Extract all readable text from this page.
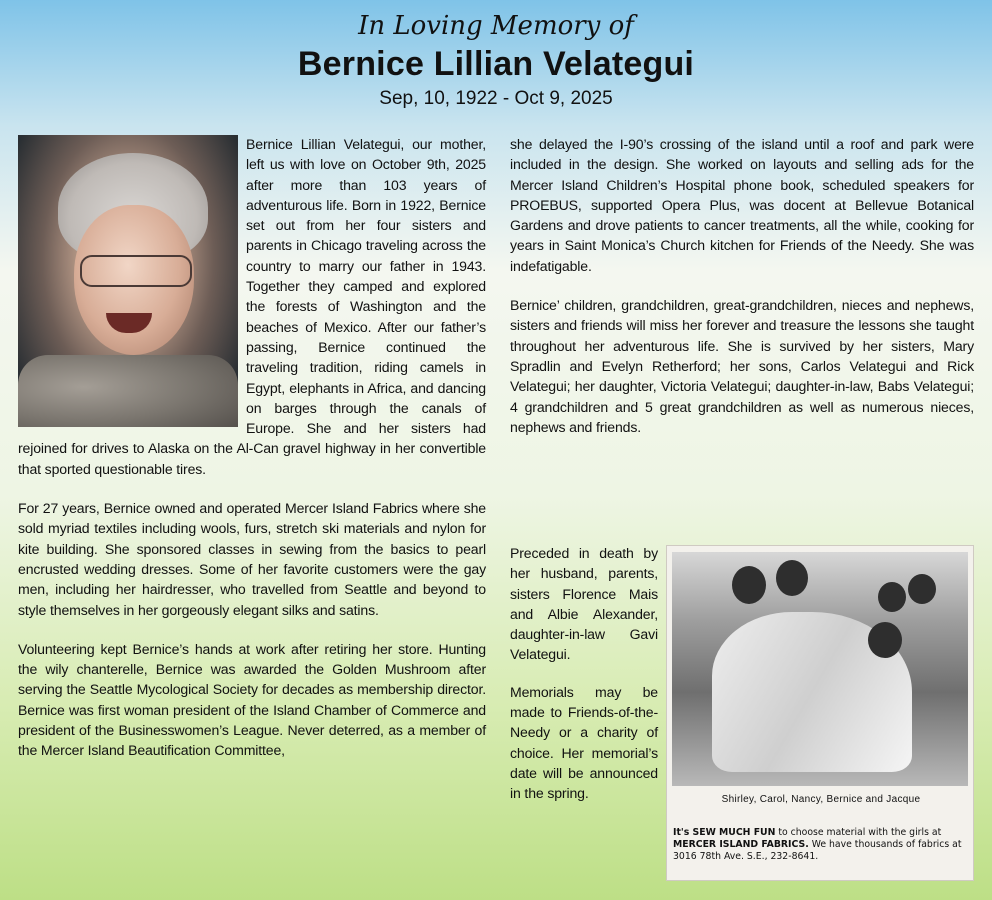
In Loving Memory of
Bernice Lillian Velategui
Sep, 10, 1922 - Oct 9, 2025

Bernice Lillian Velategui, our mother, left us with love on October 9th, 2025 after more than 103 years of adventurous life. Born in 1922, Bernice set out from her four sisters and parents in Chicago traveling across the country to marry our father in 1943. Together they camped and explored the forests of Washington and the beaches of Mexico. After our father’s passing, Bernice continued the traveling tradition, riding camels in Egypt, elephants in Africa, and dancing on barges through the canals of Europe. She and her sisters had rejoined for drives to Alaska on the Al-Can gravel highway in her convertible that sported questionable tires.

For 27 years, Bernice owned and operated Mercer Island Fabrics where she sold myriad textiles including wools, furs, stretch ski materials and nylon for kite building. She sponsored classes in sewing from the basics to pearl encrusted wedding dresses. Some of her favorite customers were the gay men, including her hairdresser, who travelled from Seattle and beyond to style themselves in her gorgeously elegant silks and satins.

Volunteering kept Bernice’s hands at work after retiring her store. Hunting the wily chanterelle, Bernice was awarded the Golden Mushroom after serving the Seattle Mycological Society for decades as membership director. Bernice was first woman president of the Island Chamber of Commerce and president of the Businesswomen’s League. Never deterred, as a member of the Mercer Island Beautification Committee,

she delayed the I-90’s crossing of the island until a roof and park were included in the design. She worked on layouts and selling ads for the Mercer Island Children’s Hospital phone book, scheduled speakers for PROEBUS, supported Opera Plus, was docent at Bellevue Botanical Gardens and drove patients to cancer treatments, all the while, cooking for years in Saint Monica’s Church kitchen for Friends of the Needy. She was indefatigable.

Bernice’ children, grandchildren, great-grandchildren, nieces and nephews, sisters and friends will miss her forever and treasure the lessons she taught throughout her adventurous life. She is survived by her sisters, Mary Spradlin and Evelyn Retherford; her sons, Carlos Velategui and Rick Velategui; her daughter, Victoria Velategui; daughter-in-law, Babs Velategui; 4 grandchildren and 5 great grandchildren as well as numerous nieces, nephews and friends.

Preceded in death by her husband, parents, sisters Florence Mais and Albie Alexander, daughter-in-law Gavi Velategui.

Memorials may be made to Friends-of-the-Needy or a charity of choice. Her memorial’s date will be announced in the spring.	Shirley, Carol, Nancy, Bernice and Jacque
It's SEW MUCH FUN to choose material with the girls at MERCER ISLAND FABRICS. We have thousands of fabrics at 3016 78th Ave. S.E., 232-8641.
